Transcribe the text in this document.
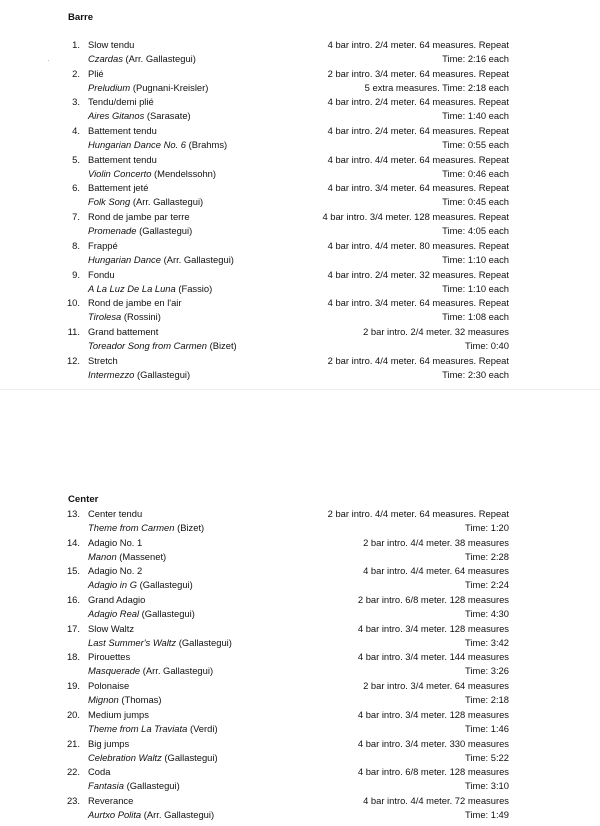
Barre
1. Slow tendu
Czardas (Arr. Gallastegui)
4 bar intro. 2/4 meter. 64 measures. Repeat
Time: 2:16 each
2. Plié
Preludium (Pugnani-Kreisler)
2 bar intro. 3/4 meter. 64 measures. Repeat
5 extra measures. Time: 2:18 each
3. Tendu/demi plié
Aires Gitanos (Sarasate)
4 bar intro. 2/4 meter. 64 measures. Repeat
Time: 1:40 each
4. Battement tendu
Hungarian Dance No. 6 (Brahms)
4 bar intro. 2/4 meter. 64 measures. Repeat
Time: 0:55 each
5. Battement tendu
Violin Concerto (Mendelssohn)
4 bar intro. 4/4 meter. 64 measures. Repeat
Time: 0:46 each
6. Battement jeté
Folk Song (Arr. Gallastegui)
4 bar intro. 3/4 meter. 64 measures. Repeat
Time: 0:45 each
7. Rond de jambe par terre
Promenade (Gallastegui)
4 bar intro. 3/4 meter. 128 measures. Repeat
Time: 4:05 each
8. Frappé
Hungarian Dance (Arr. Gallastegui)
4 bar intro. 4/4 meter. 80 measures. Repeat
Time: 1:10 each
9. Fondu
A La Luz De La Luna (Fassio)
4 bar intro. 2/4 meter. 32 measures. Repeat
Time: 1:10 each
10. Rond de jambe en l'air
Tirolesa (Rossini)
4 bar intro. 3/4 meter. 64 measures. Repeat
Time: 1:08 each
11. Grand battement
Toreador Song from Carmen (Bizet)
2 bar intro. 2/4 meter. 32 measures
Time: 0:40
12. Stretch
Intermezzo (Gallastegui)
2 bar intro. 4/4 meter. 64 measures. Repeat
Time: 2:30 each
Center
13. Center tendu
Theme from Carmen (Bizet)
2 bar intro. 4/4 meter. 64 measures. Repeat
Time: 1:20
14. Adagio No. 1
Manon (Massenet)
2 bar intro. 4/4 meter. 38 measures
Time: 2:28
15. Adagio No. 2
Adagio in G (Gallastegui)
4 bar intro. 4/4 meter. 64 measures
Time: 2:24
16. Grand Adagio
Adagio Real (Gallastegui)
2 bar intro. 6/8 meter. 128 measures
Time: 4:30
17. Slow Waltz
Last Summer's Waltz (Gallastegui)
4 bar intro. 3/4 meter. 128 measures
Time: 3:42
18. Pirouettes
Masquerade (Arr. Gallastegui)
4 bar intro. 3/4 meter. 144 measures
Time: 3:26
19. Polonaise
Mignon (Thomas)
2 bar intro. 3/4 meter. 64 measures
Time: 2:18
20. Medium jumps
Theme from La Traviata (Verdi)
4 bar intro. 3/4 meter. 128 measures
Time: 1:46
21. Big jumps
Celebration Waltz (Gallastegui)
4 bar intro. 3/4 meter. 330 measures
Time: 5:22
22. Coda
Fantasia (Gallastegui)
4 bar intro. 6/8 meter. 128 measures
Time: 3:10
23. Reverance
Aurtxo Polita (Arr. Gallastegui)
4 bar intro. 4/4 meter. 72 measures
Time: 1:49
